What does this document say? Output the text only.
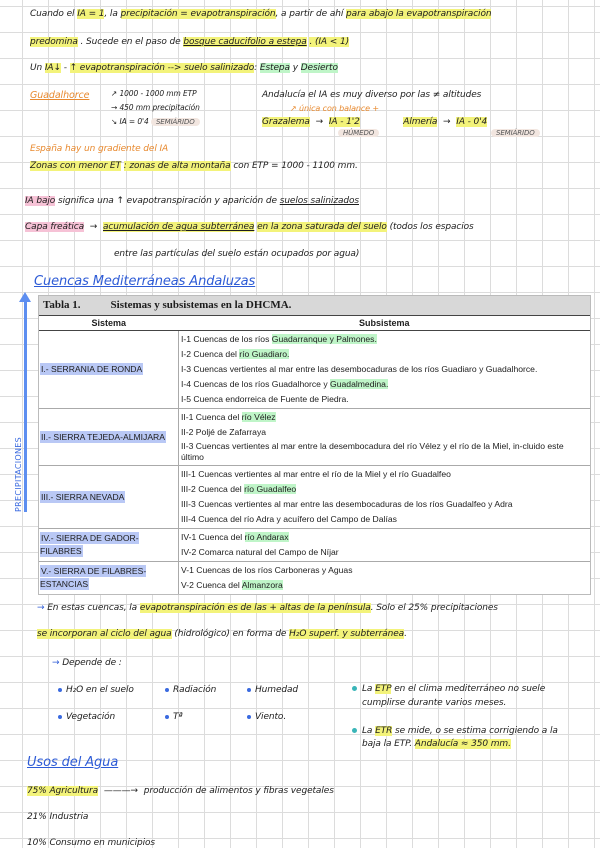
Cuando el IA = 1, la precipitación = evapotranspiración, a partir de ahí para abajo la evapotranspiración
predomina . Sucede en el paso de bosque caducifolio a estepa . (IA < 1)
Un IA↓ - ↑ evapotranspiración --> suelo salinizado: Estepa y Desierto
Guadalhorce	↗ 1000 - 1000 mm ETP
→ 450 mm precipitación
↘ IA = 0'4 SEMIÁRIDO
Andalucía el IA es muy diverso por las ≠ altitudes
↗ única con balance +
Grazalema → IA - 1'2	Almería → IA - 0'4
HÚMEDO	SEMIÁRIDO
España hay un gradiente del IA
Zonas con menor ET : zonas de alta montaña con ETP = 1000 - 1100 mm.
IA bajo significa una ↑ evapotranspiración y aparición de suelos salinizados
Capa freática → acumulación de agua subterránea en la zona saturada del suelo (todos los espacios
entre las partículas del suelo están ocupados por agua)
Cuencas Mediterráneas Andaluzas
PRECIPITACIONES
Tabla 1.	Sistemas y subsistemas en la DHCMA.
Sistema	Subsistema
I.- SERRANIA DE RONDA	I-1 Cuencas de los ríos Guadarranque y Palmones.
I-2 Cuenca del río Guadiaro.
I-3 Cuencas vertientes al mar entre las desembocaduras de los ríos Guadiaro y Guadalhorce.
I-4 Cuencas de los ríos Guadalhorce y Guadalmedina.
I-5 Cuenca endorreica de Fuente de Piedra.

II.- SIERRA TEJEDA-ALMIJARA	II-1 Cuenca del río Vélez
II-2 Poljé de Zafarraya
II-3 Cuencas vertientes al mar entre la desembocadura del río Vélez y el río de la Miel, in-cluido este último

III.- SIERRA NEVADA	III-1 Cuencas vertientes al mar entre el río de la Miel y el río Guadalfeo
III-2 Cuenca del río Guadalfeo
III-3 Cuencas vertientes al mar entre las desembocaduras de los ríos Guadalfeo y Adra
III-4 Cuenca del río Adra y acuífero del Campo de Dalías

IV.- SIERRA DE GADOR-FILABRES	IV-1 Cuenca del río Andarax
IV-2 Comarca natural del Campo de Níjar

V.- SIERRA DE FILABRES-ESTANCIAS	V-1 Cuencas de los ríos Carboneras y Aguas
V-2 Cuenca del Almanzora
→ En estas cuencas, la evapotranspiración es de las + altas de la península. Solo el 25% precipitaciones
se incorporan al ciclo del agua (hidrológico) en forma de H₂O superf. y subterránea.
→ Depende de :
H₂O en el suelo	Radiación	Humedad
Vegetación	Tª	Viento.
La ETP en el clima mediterráneo no suele
cumplirse durante varios meses.
La ETR se mide, o se estima corrigiendo a la
baja la ETP. Andalucía ≈ 350 mm.
Usos del Agua
75% Agricultura ———→ producción de alimentos y fibras vegetales
21% Industria
10% Consumo en municipios
